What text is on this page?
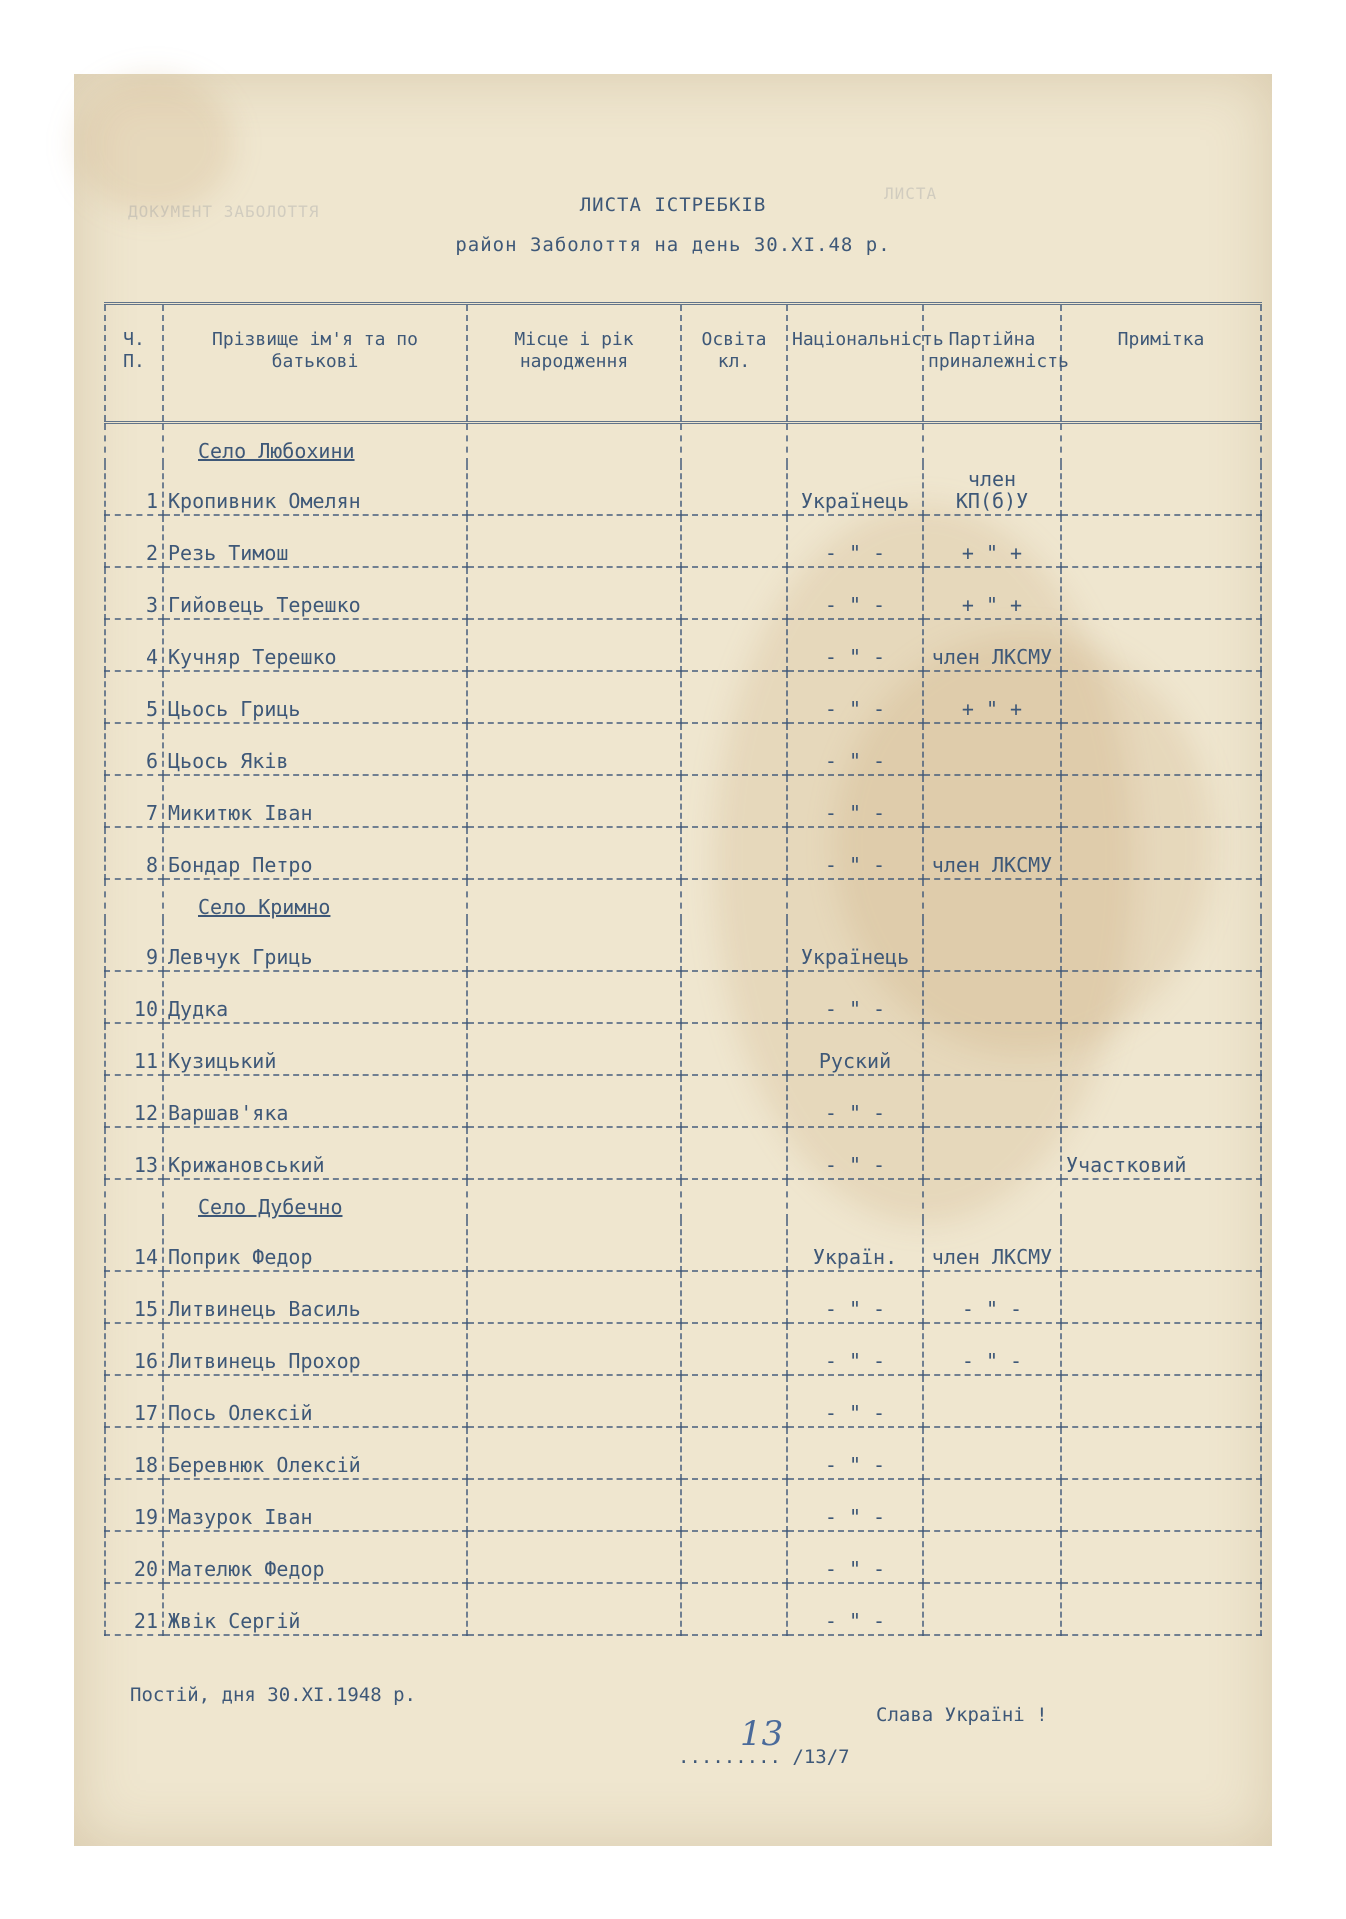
ДОКУМЕНТ ЗАБОЛОТТЯ
ЛИСТА
ЛИСТА ІСТРЕБКІВ
район Заболоття на день 30.XI.48 р.
Ч. П.	Прізвище ім'я та по батькові	Місце і рік народження	Освіта кл.	Національність	Партійна приналежність	Примітка
	Село Любохини					
1	Кропивник Омелян			Українець	член КП(б)У	
2	Резь Тимош			- " -	+ " +	
3	Гийовець Терешко			- " -	+ " +	
4	Кучняр Терешко			- " -	член ЛКСМУ	
5	Цьось Гриць			- " -	+ " +	
6	Цьось Яків			- " -		
7	Микитюк Іван			- " -		
8	Бондар Петро			- " -	член ЛКСМУ	
	Село Кримно					
9	Левчук Гриць			Українець		
10	Дудка			- " -		
11	Кузицький			Руский		
12	Варшав'яка			- " -		
13	Крижановський			- " -		Участковий
	Село Дубечно					
14	Поприк Федор			Україн.	член ЛКСМУ	
15	Литвинець Василь			- " -	- " -	
16	Литвинець Прохор			- " -	- " -	
17	Пось Олексій			- " -		
18	Беревнюк Олексій			- " -		
19	Мазурок Іван			- " -		
20	Мателюк Федор			- " -		
21	Жвік Сергій			- " -		
Постій, дня 30.XI.1948 р.
13	Слава Україні !
......... /13/7
